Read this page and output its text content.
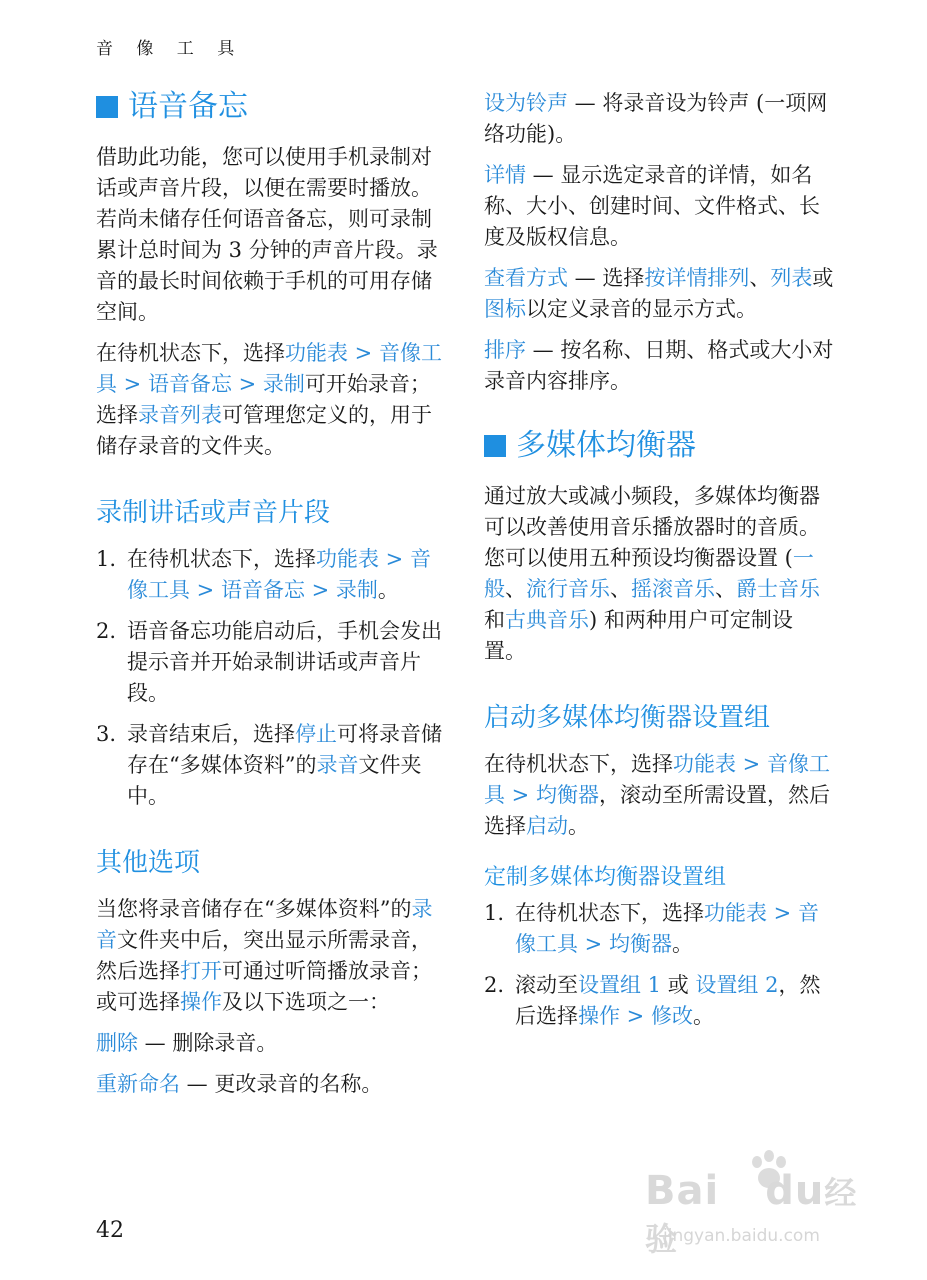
音 像 工 具
语音备忘

借助此功能，您可以使用手机录制对话或声音片段，以便在需要时播放。若尚未储存任何语音备忘，则可录制累计总时间为 3 分钟的声音片段。录音的最长时间依赖于手机的可用存储空间。

在待机状态下，选择功能表 > 音像工具 > 语音备忘 > 录制可开始录音；选择录音列表可管理您定义的，用于储存录音的文件夹。

录制讲话或声音片段
1. 在待机状态下，选择功能表 > 音像工具 > 语音备忘 > 录制。
2. 语音备忘功能启动后，手机会发出提示音并开始录制讲话或声音片段。
3. 录音结束后，选择停止可将录音储存在“多媒体资料”的录音文件夹中。
其他选项

当您将录音储存在“多媒体资料”的录音文件夹中后，突出显示所需录音，然后选择打开可通过听筒播放录音；或可选择操作及以下选项之一：

删除 — 删除录音。

重新命名 — 更改录音的名称。

设为铃声 — 将录音设为铃声 (一项网络功能)。

详情 — 显示选定录音的详情，如名称、大小、创建时间、文件格式、长度及版权信息。

查看方式 — 选择按详情排列、列表或图标以定义录音的显示方式。

排序 — 按名称、日期、格式或大小对录音内容排序。

多媒体均衡器

通过放大或减小频段，多媒体均衡器可以改善使用音乐播放器时的音质。您可以使用五种预设均衡器设置 (一般、流行音乐、摇滚音乐、爵士音乐和古典音乐) 和两种用户可定制设置。

启动多媒体均衡器设置组

在待机状态下，选择功能表 > 音像工具 > 均衡器，滚动至所需设置，然后选择启动。

定制多媒体均衡器设置组
1. 在待机状态下，选择功能表 > 音像工具 > 均衡器。
2. 滚动至设置组 1 或 设置组 2，然后选择操作 > 修改。
42
Bai du经验
jingyan.baidu.com
